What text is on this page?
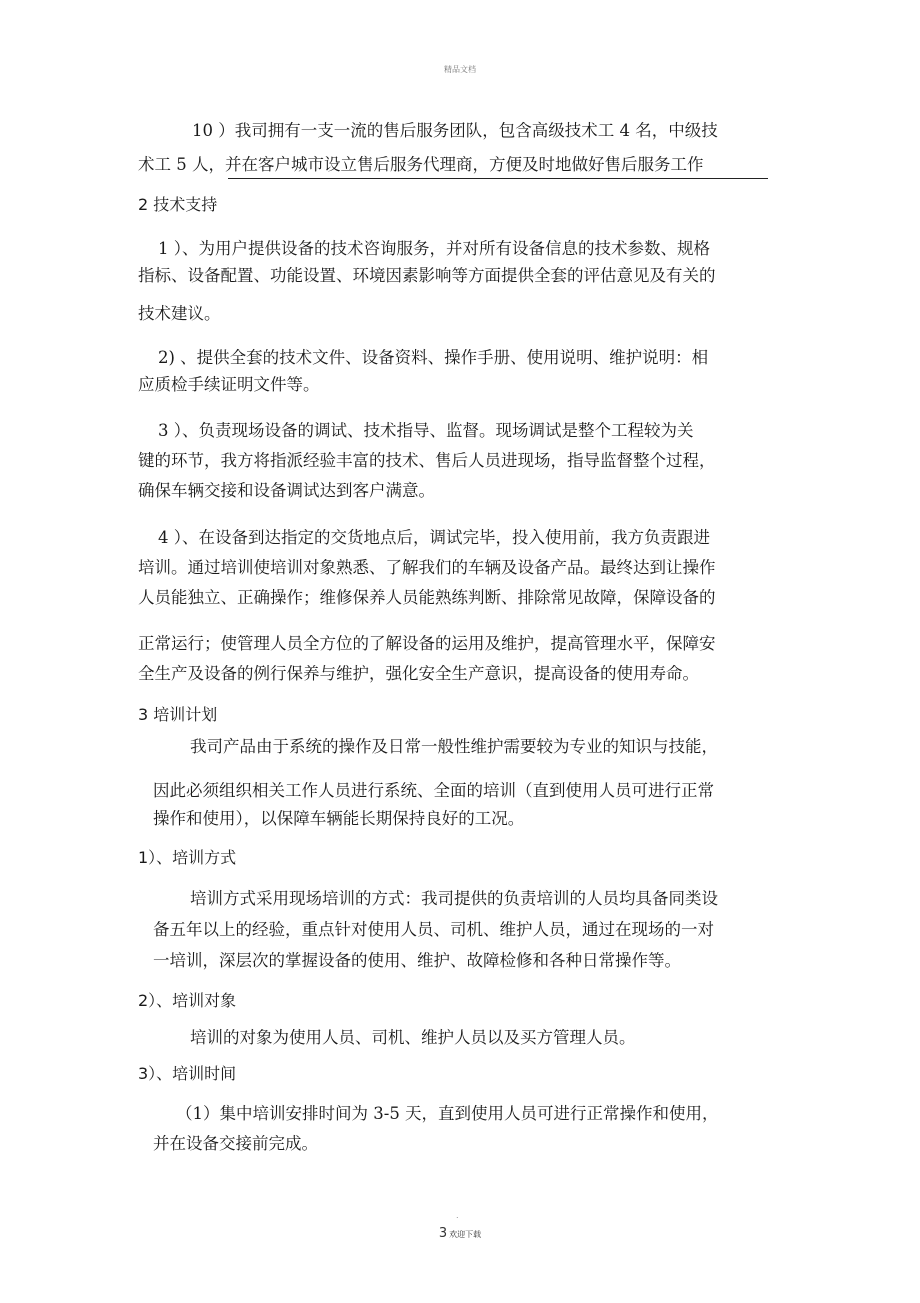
精品文档
10 ）我司拥有一支一流的售后服务团队，包含高级技术工 4 名，中级技
术工 5 人，并在客户城市设立售后服务代理商，方便及时地做好售后服务工作
2 技术支持
1 ）、为用户提供设备的技术咨询服务，并对所有设备信息的技术参数、规格
指标、设备配置、功能设置、环境因素影响等方面提供全套的评估意见及有关的
技术建议。
2) 、提供全套的技术文件、设备资料、操作手册、使用说明、维护说明：相
应质检手续证明文件等。
3 ）、负责现场设备的调试、技术指导、监督。现场调试是整个工程较为关
键的环节，我方将指派经验丰富的技术、售后人员进现场，指导监督整个过程，
确保车辆交接和设备调试达到客户满意。
4 ）、在设备到达指定的交货地点后，调试完毕，投入使用前，我方负责跟进
培训。通过培训使培训对象熟悉、了解我们的车辆及设备产品。最终达到让操作
人员能独立、正确操作；维修保养人员能熟练判断、排除常见故障，保障设备的
正常运行；使管理人员全方位的了解设备的运用及维护，提高管理水平，保障安
全生产及设备的例行保养与维护，强化安全生产意识，提高设备的使用寿命。
3 培训计划
我司产品由于系统的操作及日常一般性维护需要较为专业的知识与技能，
因此必须组织相关工作人员进行系统、全面的培训（直到使用人员可进行正常
操作和使用），以保障车辆能长期保持良好的工况。
1）、培训方式
培训方式采用现场培训的方式：我司提供的负责培训的人员均具备同类设
备五年以上的经验，重点针对使用人员、司机、维护人员，通过在现场的一对
一培训，深层次的掌握设备的使用、维护、故障检修和各种日常操作等。
2）、培训对象
培训的对象为使用人员、司机、维护人员以及买方管理人员。
3）、培训时间
（1）集中培训安排时间为 3-5 天，直到使用人员可进行正常操作和使用，
并在设备交接前完成。
.
3 欢迎下载
